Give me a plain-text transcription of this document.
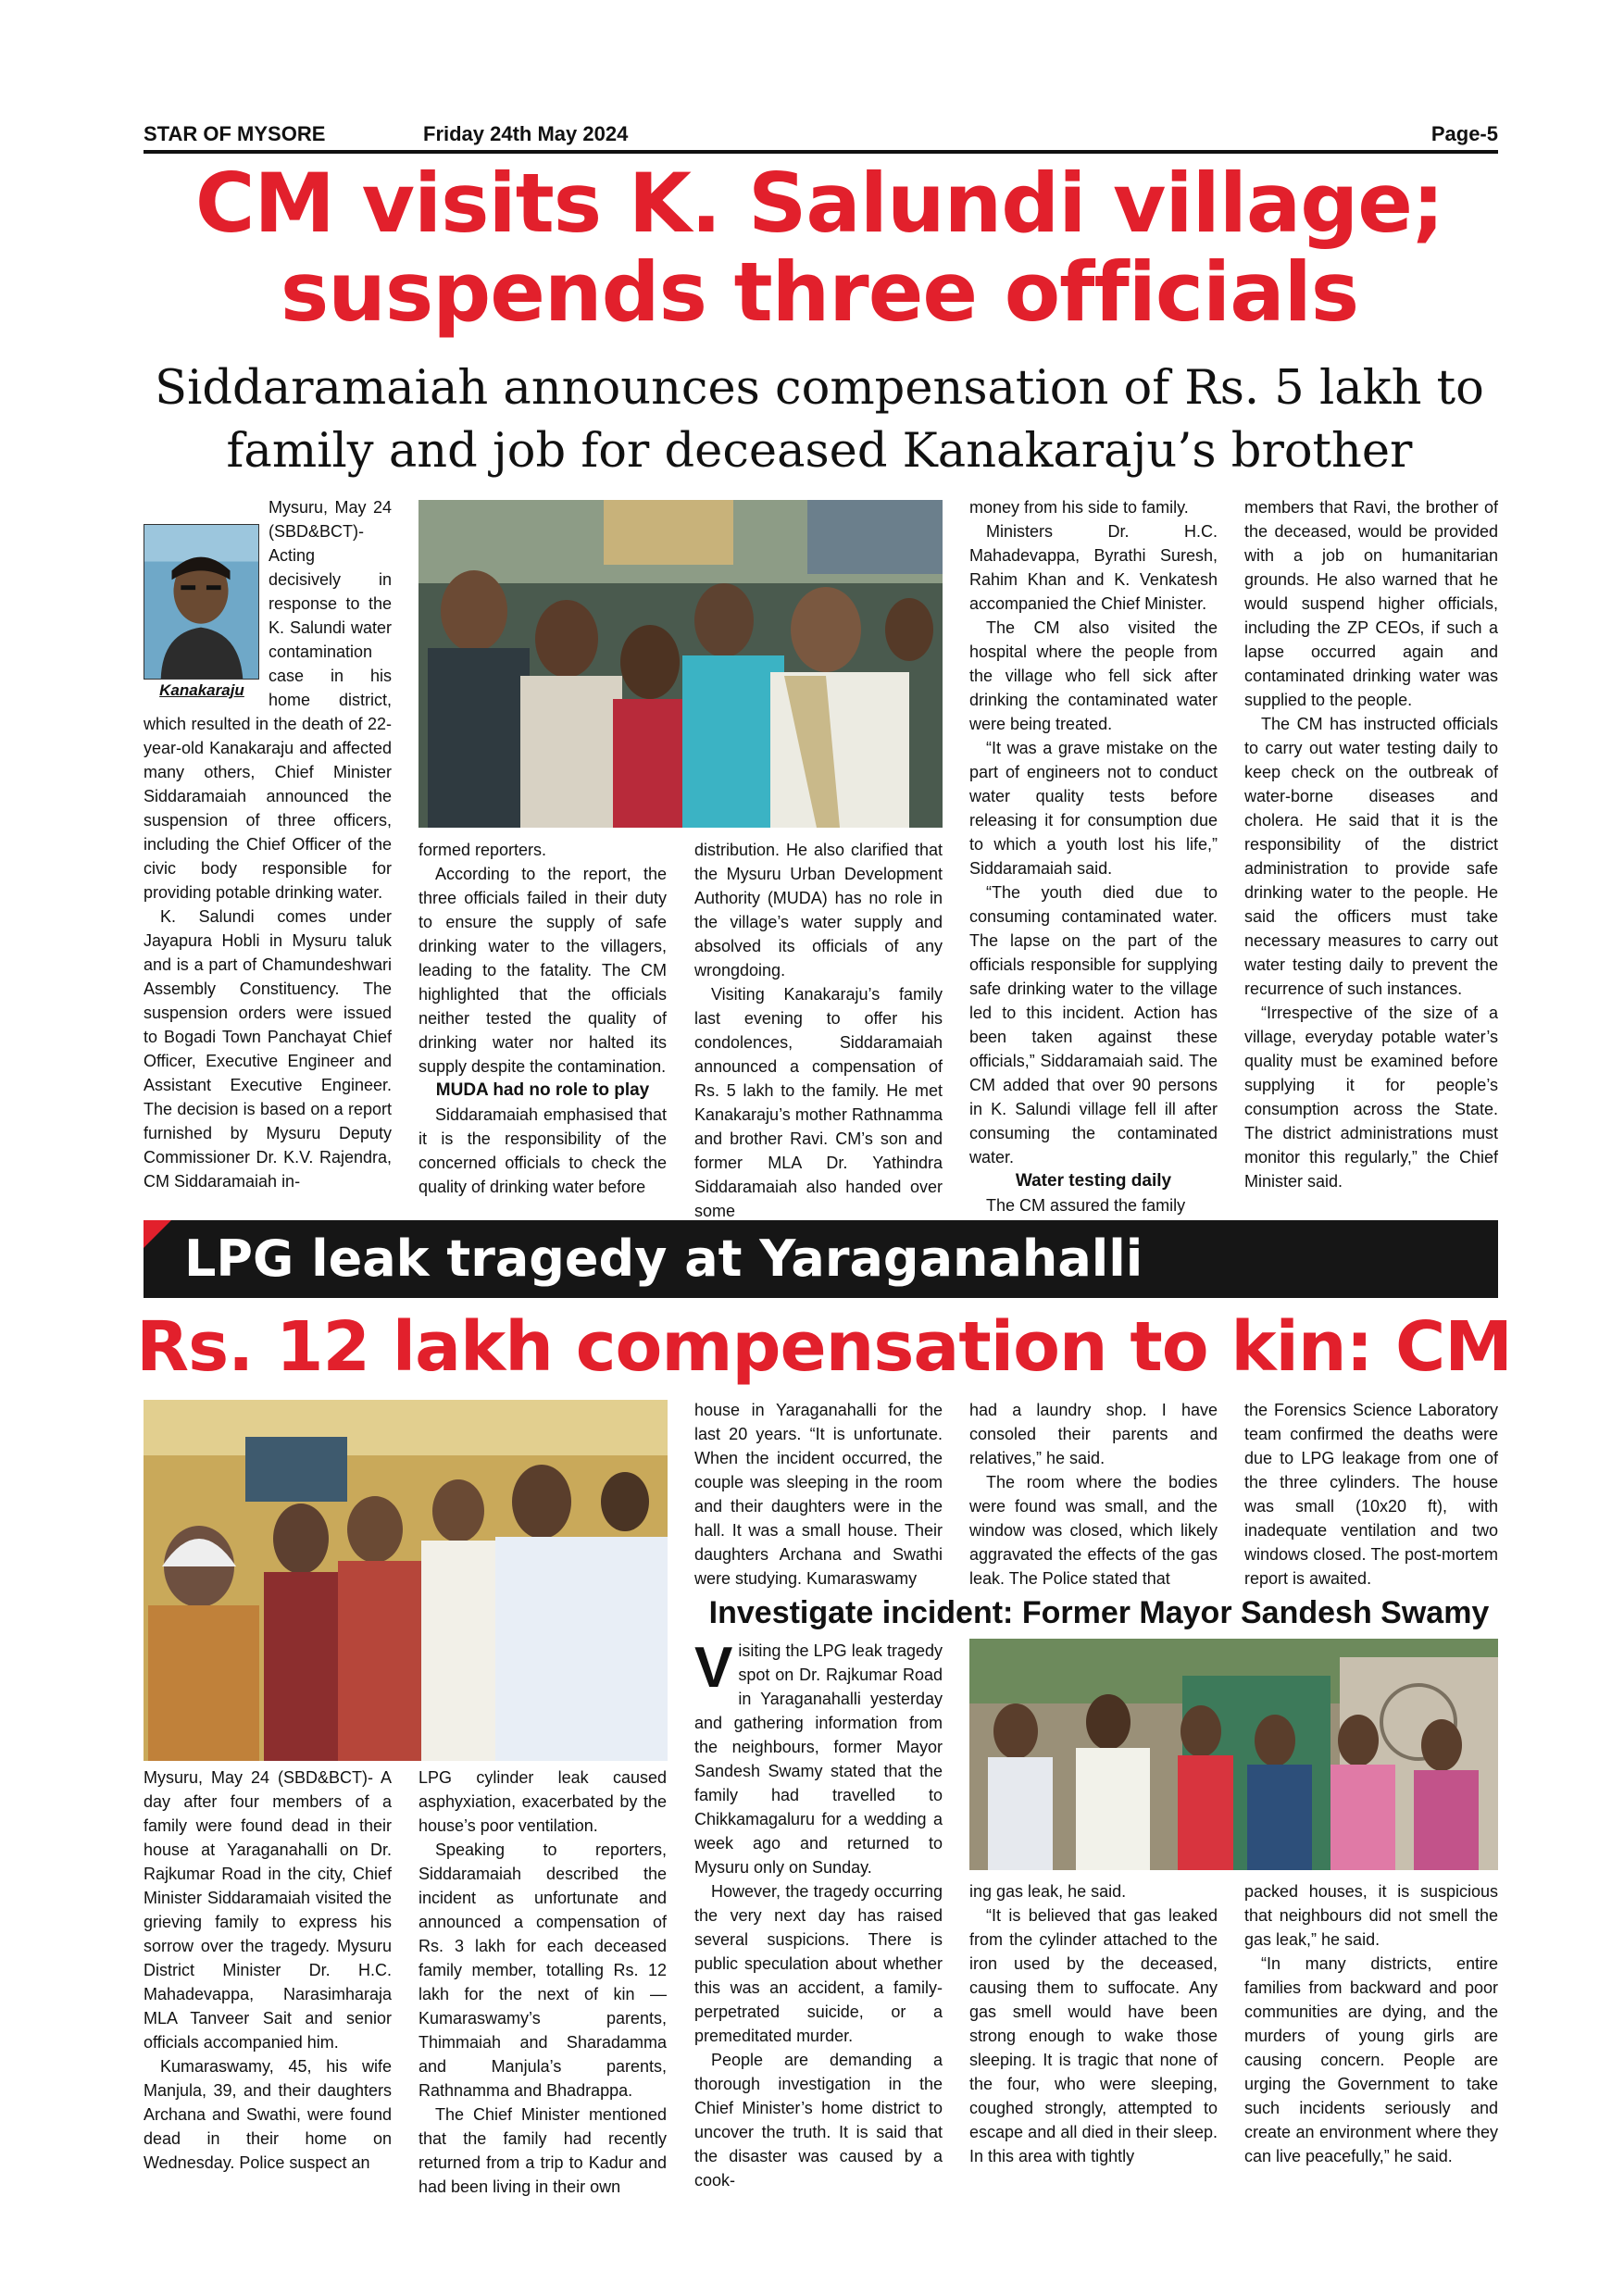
STAR OF MYSORE	Friday 24th May 2024	Page-5
CM visits K. Salundi village;
suspends three officials
Siddaramaiah announces compensation of Rs. 5 lakh to
family and job for deceased Kanakaraju’s brother
Kanakaraju

Mysuru, May 24 (SBD&BCT)- Acting decisively in response to the K. Salundi water contamination case in his home district, which resulted in the death of 22-year-old Kanakaraju and affected many others, Chief Minister Siddaramaiah announced the suspension of three officers, including the Chief Officer of the civic body responsible for providing potable drinking water.

K. Salundi comes under Jayapura Hobli in Mysuru taluk and is a part of Chamundeshwari Assembly Constituency. The suspension orders were issued to Bogadi Town Panchayat Chief Officer, Executive Engineer and Assistant Executive Engineer. The decision is based on a report furnished by Mysuru Deputy Commissioner Dr. K.V. Rajendra, CM Siddaramaiah in-

formed reporters.

According to the report, the three officials failed in their duty to ensure the supply of safe drinking water to the villagers, leading to the fatality. The CM highlighted that the officials neither tested the quality of drinking water nor halted its supply despite the contamination.

MUDA had no role to play

Siddaramaiah emphasised that it is the responsibility of the concerned officials to check the quality of drinking water before

distribution. He also clarified that the Mysuru Urban Development Authority (MUDA) has no role in the village’s water supply and absolved its officials of any wrongdoing.

Visiting Kanakaraju’s family last evening to offer his condolences, Siddaramaiah announced a compensation of Rs. 5 lakh to the family. He met Kanakaraju’s mother Rathnamma and brother Ravi. CM’s son and former MLA Dr. Yathindra Siddaramaiah also handed over some

money from his side to family.

Ministers Dr. H.C. Mahadevappa, Byrathi Suresh, Rahim Khan and K. Venkatesh accompanied the Chief Minister.

The CM also visited the hospital where the people from the village who fell sick after drinking the contaminated water were being treated.

“It was a grave mistake on the part of engineers not to conduct water quality tests before releasing it for consumption due to which a youth lost his life,” Siddaramaiah said.

“The youth died due to consuming contaminated water. The lapse on the part of the officials responsible for supplying safe drinking water to the village led to this incident. Action has been taken against these officials,” Siddaramaiah said. The CM added that over 90 persons in K. Salundi village fell ill after consuming the contaminated water.

Water testing daily

The CM assured the family

members that Ravi, the brother of the deceased, would be provided with a job on humanitarian grounds. He also warned that he would suspend higher officials, including the ZP CEOs, if such a lapse occurred again and contaminated drinking water was supplied to the people.

The CM has instructed officials to carry out water testing daily to keep check on the outbreak of water-borne diseases and cholera. He said that it is the responsibility of the district administration to provide safe drinking water to the people. He said the officers must take necessary measures to carry out water testing daily to prevent the recurrence of such instances.

“Irrespective of the size of a village, everyday potable water’s quality must be examined before supplying it for people’s consumption across the State. The district administrations must monitor this regularly,” the Chief Minister said.

LPG leak tragedy at Yaraganahalli
Rs. 12 lakh compensation to kin: CM

Mysuru, May 24 (SBD&BCT)- A day after four members of a family were found dead in their house at Yaraganahalli on Dr. Rajkumar Road in the city, Chief Minister Siddaramaiah visited the grieving family to express his sorrow over the tragedy. Mysuru District Minister Dr. H.C. Mahadevappa, Narasimharaja MLA Tanveer Sait and senior officials accompanied him.

Kumaraswamy, 45, his wife Manjula, 39, and their daughters Archana and Swathi, were found dead in their home on Wednesday. Police suspect an

LPG cylinder leak caused asphyxiation, exacerbated by the house’s poor ventilation.

Speaking to reporters, Siddaramaiah described the incident as unfortunate and announced a compensation of Rs. 3 lakh for each deceased family member, totalling Rs. 12 lakh for the next of kin — Kumaraswamy’s parents, Thimmaiah and Sharadamma and Manjula’s parents, Rathnamma and Bhadrappa.

The Chief Minister mentioned that the family had recently returned from a trip to Kadur and had been living in their own

house in Yaraganahalli for the last 20 years. “It is unfortunate. When the incident occurred, the couple was sleeping in the room and their daughters were in the hall. It was a small house. Their daughters Archana and Swathi were studying. Kumaraswamy

had a laundry shop. I have consoled their parents and relatives,” he said.

The room where the bodies were found was small, and the window was closed, which likely aggravated the effects of the gas leak. The Police stated that

the Forensics Science Laboratory team confirmed the deaths were due to LPG leakage from one of the three cylinders. The house was small (10x20 ft), with inadequate ventilation and two windows closed. The post-mortem report is awaited.

Investigate incident: Former Mayor Sandesh Swamy
V isiting the LPG leak tragedy spot on Dr. Rajkumar Road in Yaraganahalli yesterday and gathering information from the neighbours, former Mayor Sandesh Swamy stated that the family had travelled to Chikkamagaluru for a wedding a week ago and returned to Mysuru only on Sunday.

However, the tragedy occurring the very next day has raised several suspicions. There is public speculation about whether this was an accident, a family-perpetrated suicide, or a premeditated murder.

People are demanding a thorough investigation in the Chief Minister’s home district to uncover the truth. It is said that the disaster was caused by a cook-

ing gas leak, he said.

“It is believed that gas leaked from the cylinder attached to the iron used by the deceased, causing them to suffocate. Any gas smell would have been strong enough to wake those sleeping. It is tragic that none of the four, who were sleeping, coughed strongly, attempted to escape and all died in their sleep. In this area with tightly

packed houses, it is suspicious that neighbours did not smell the gas leak,” he said.

“In many districts, entire families from backward and poor communities are dying, and the murders of young girls are causing concern. People are urging the Government to take such incidents seriously and create an environment where they can live peacefully,” he said.
